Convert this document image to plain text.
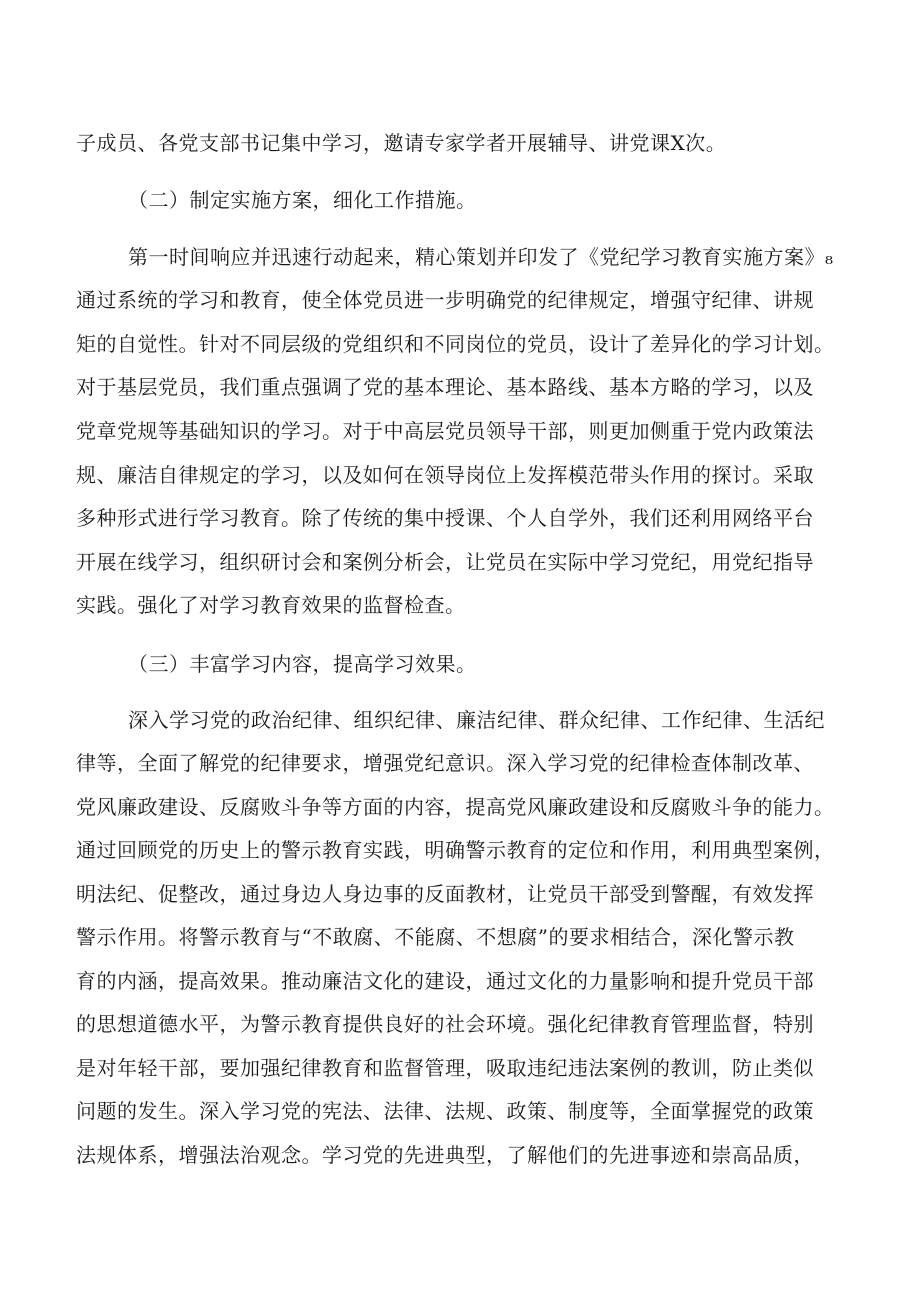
子成员、各党支部书记集中学习，邀请专家学者开展辅导、讲党课X次。
（二）制定实施方案，细化工作措施。
第一时间响应并迅速行动起来，精心策划并印发了《党纪学习教育实施方案》₈
通过系统的学习和教育，使全体党员进一步明确党的纪律规定，增强守纪律、讲规
矩的自觉性。针对不同层级的党组织和不同岗位的党员，设计了差异化的学习计划。
对于基层党员，我们重点强调了党的基本理论、基本路线、基本方略的学习，以及
党章党规等基础知识的学习。对于中高层党员领导干部，则更加侧重于党内政策法
规、廉洁自律规定的学习，以及如何在领导岗位上发挥模范带头作用的探讨。采取
多种形式进行学习教育。除了传统的集中授课、个人自学外，我们还利用网络平台
开展在线学习，组织研讨会和案例分析会，让党员在实际中学习党纪，用党纪指导
实践。强化了对学习教育效果的监督检查。
（三）丰富学习内容，提高学习效果。
深入学习党的政治纪律、组织纪律、廉洁纪律、群众纪律、工作纪律、生活纪
律等，全面了解党的纪律要求，增强党纪意识。深入学习党的纪律检查体制改革、
党风廉政建设、反腐败斗争等方面的内容，提高党风廉政建设和反腐败斗争的能力。
通过回顾党的历史上的警示教育实践，明确警示教育的定位和作用，利用典型案例，
明法纪、促整改，通过身边人身边事的反面教材，让党员干部受到警醒，有效发挥
警示作用。将警示教育与“不敢腐、不能腐、不想腐”的要求相结合，深化警示教
育的内涵，提高效果。推动廉洁文化的建设，通过文化的力量影响和提升党员干部
的思想道德水平，为警示教育提供良好的社会环境。强化纪律教育管理监督，特别
是对年轻干部，要加强纪律教育和监督管理，吸取违纪违法案例的教训，防止类似
问题的发生。深入学习党的宪法、法律、法规、政策、制度等，全面掌握党的政策
法规体系，增强法治观念。学习党的先进典型，了解他们的先进事迹和崇高品质，
